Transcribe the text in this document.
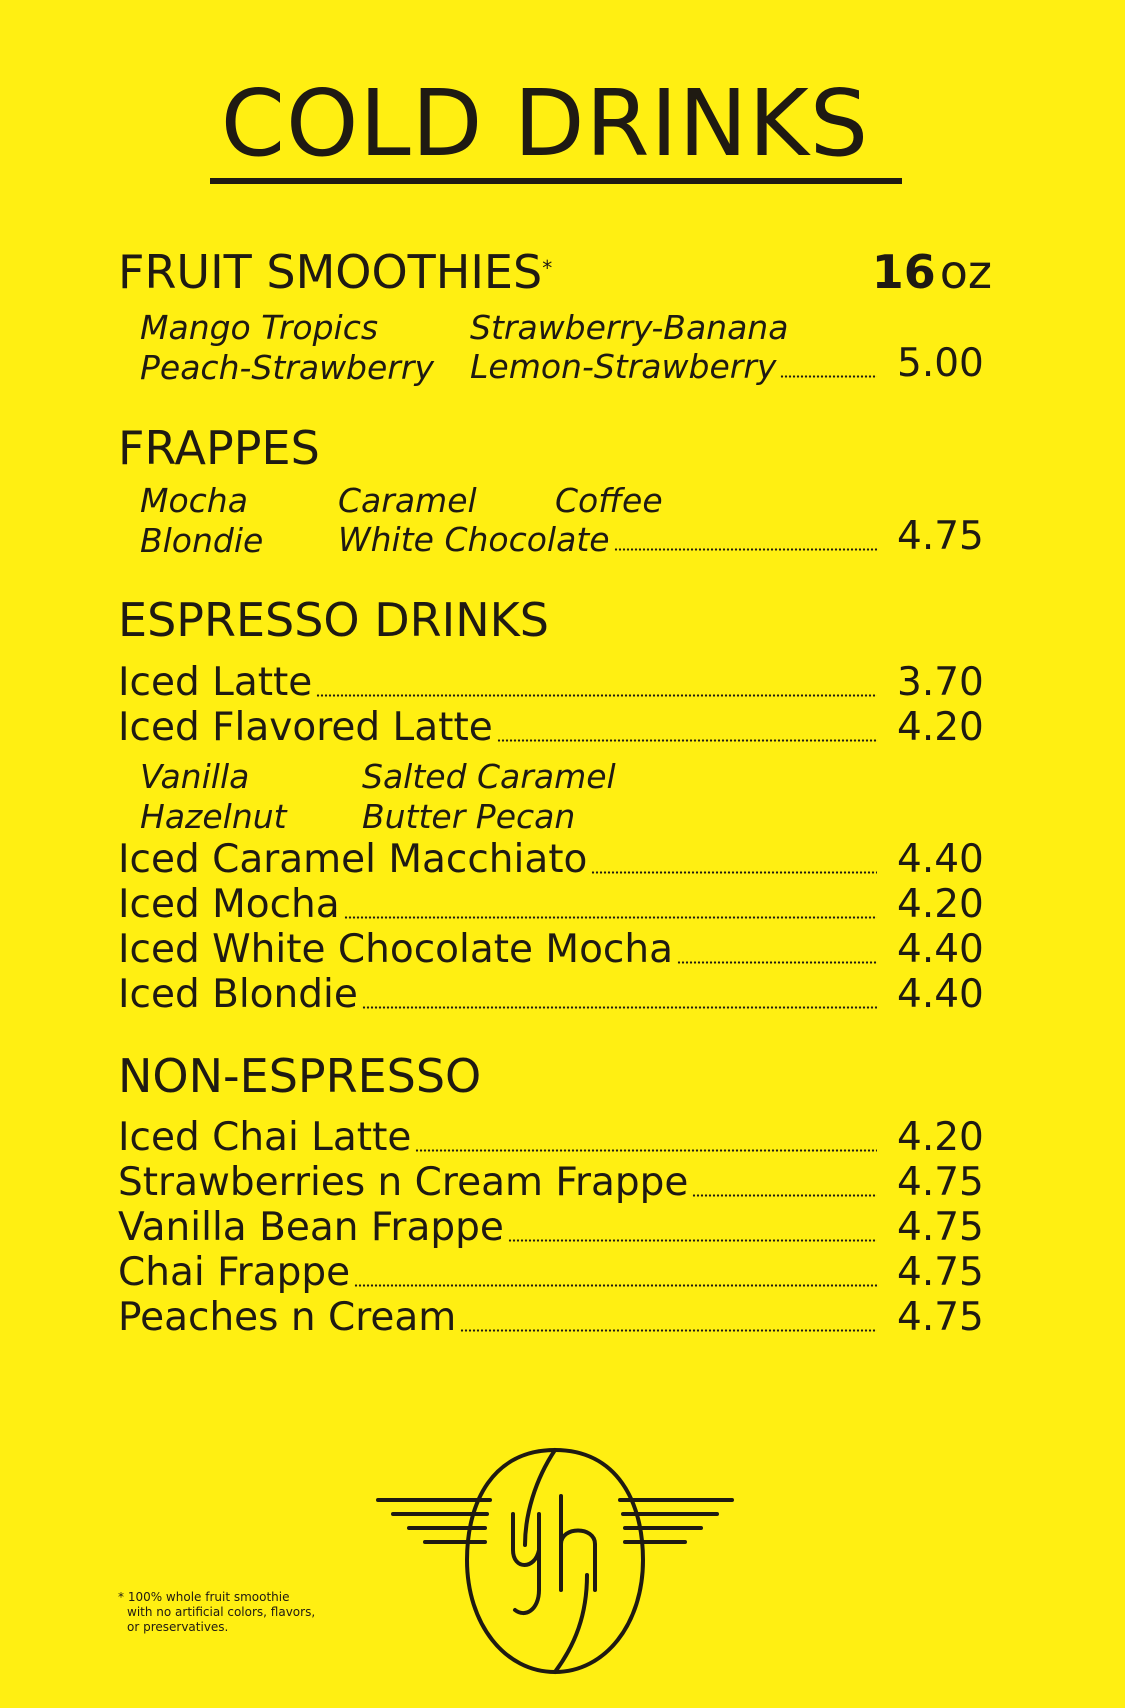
COLD DRINKS
FRUIT SMOOTHIES*	16oz
Mango Tropics	Strawberry-Banana
Peach-Strawberry Lemon-Strawberry	5.00
FRAPPES
Mocha	Caramel Coffee
Blondie White Chocolate	4.75
ESPRESSO DRINKS
Iced Latte	3.70
Iced Flavored Latte	4.20
Vanilla	Salted Caramel
Hazelnut Butter Pecan
Iced Caramel Macchiato	4.40
Iced Mocha	4.20
Iced White Chocolate Mocha	4.40
Iced Blondie	4.40
NON-ESPRESSO
Iced Chai Latte	4.20
Strawberries n Cream Frappe	4.75
Vanilla Bean Frappe	4.75
Chai Frappe	4.75
Peaches n Cream	4.75
* 100% whole fruit smoothie
with no artificial colors, flavors,
or preservatives.
